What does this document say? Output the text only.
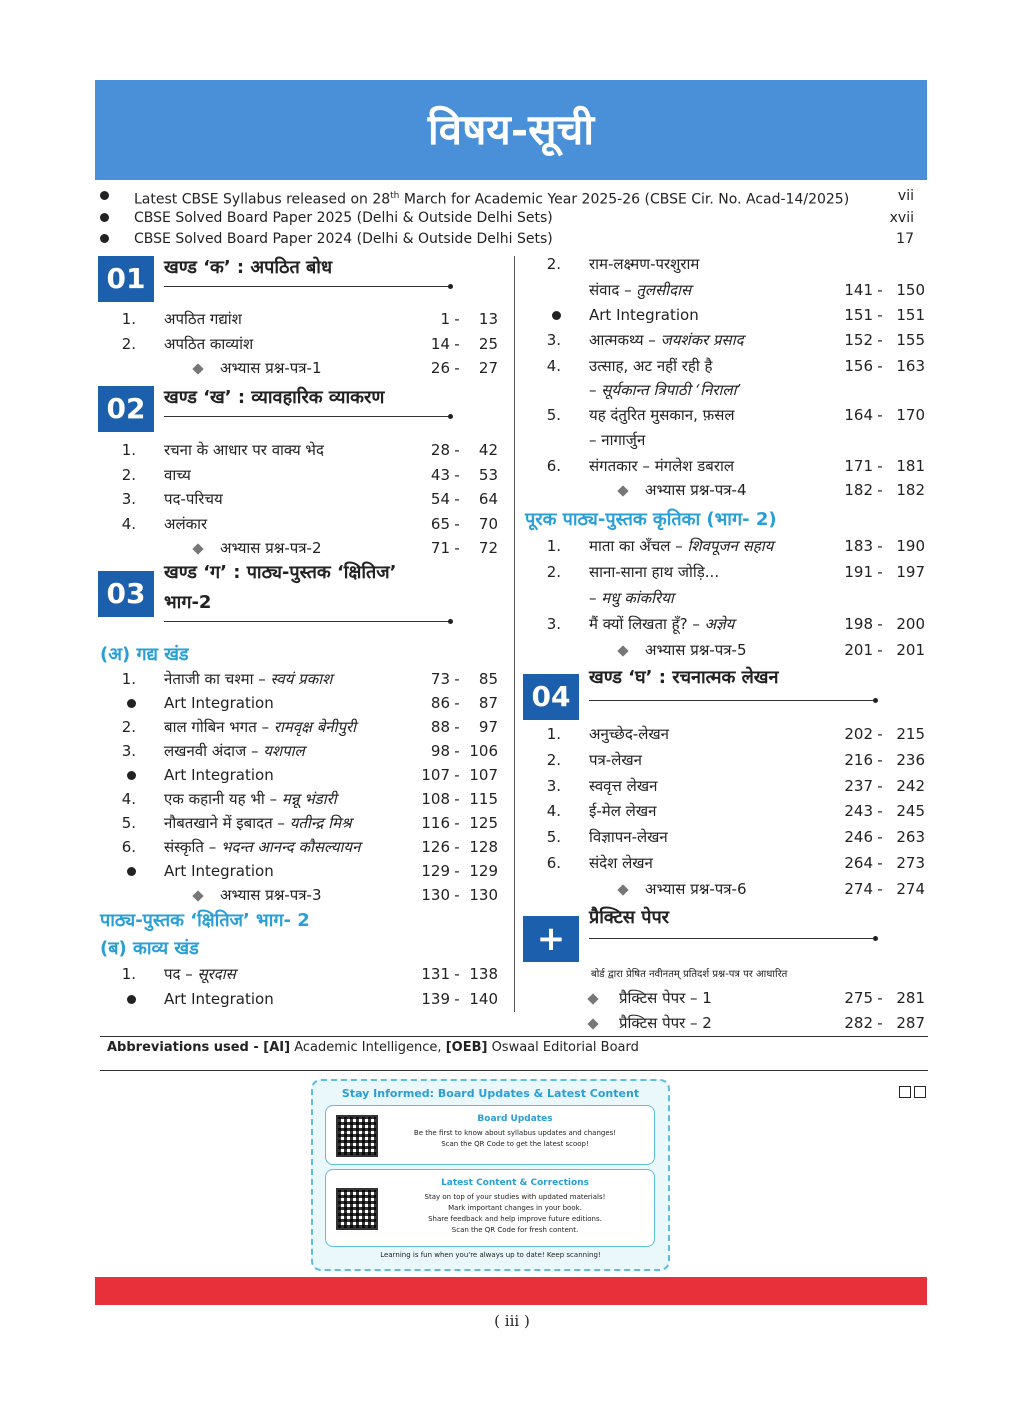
विषय-सूची
Latest CBSE Syllabus released on 28th March for Academic Year 2025-26 (CBSE Cir. No. Acad-14/2025)	vii
CBSE Solved Board Paper 2025 (Delhi & Outside Delhi Sets)	xvii
CBSE Solved Board Paper 2024 (Delhi & Outside Delhi Sets)	17
01	खण्ड ‘क’ : अपठित बोध
1. अपठित गद्यांश	1 -	13
2. अपठित काव्यांश	14 -	25
अभ्यास प्रश्न-पत्र-1	26 -	27
02	खण्ड ‘ख’ : व्यावहारिक व्याकरण
1. रचना के आधार पर वाक्य भेद	28 -	42
2. वाच्य	43 -	53
3. पद-परिचय	54 -	64
4. अलंकार	65 -	70
अभ्यास प्रश्न-पत्र-2	71 -	72
03
खण्ड ‘ग’ : पाठ्य-पुस्तक ‘क्षितिज’
भाग-2
(अ) गद्य खंड
1. नेताजी का चश्मा – स्वयं प्रकाश	73 -	85
Art Integration	86 -	87
2. बाल गोबिन भगत – रामवृक्ष बेनीपुरी	88 -	97
3. लखनवी अंदाज – यशपाल	98 - 106
Art Integration	107 - 107
4. एक कहानी यह भी – मन्नू भंडारी	108 - 115
5. नौबतखाने में इबादत – यतीन्द्र मिश्र	116 - 125
6. संस्कृति – भदन्त आनन्द कौसल्यायन	126 - 128
Art Integration	129 - 129
अभ्यास प्रश्न-पत्र-3	130 - 130
पाठ्य-पुस्तक ‘क्षितिज’ भाग- 2
(ब) काव्य खंड
1. पद – सूरदास	131 - 138
Art Integration	139 - 140
2. राम-लक्ष्मण-परशुराम
संवाद – तुलसीदास	141 - 150
Art Integration	151 - 151
3. आत्मकथ्य – जयशंकर प्रसाद	152 - 155
4. उत्साह, अट नहीं रही है	156 - 163
– सूर्यकान्त त्रिपाठी ‘निराला’
5. यह दंतुरित मुसकान, फ़सल	164 - 170
– नागार्जुन
6. संगतकार – मंगलेश डबराल	171 - 181
अभ्यास प्रश्न-पत्र-4	182 - 182
पूरक पाठ्य-पुस्तक कृतिका (भाग- 2)
1. माता का अँचल – शिवपूजन सहाय	183 - 190
2. साना-साना हाथ जोड़ि...	191 - 197
– मधु कांकरिया
3. मैं क्यों लिखता हूँ? – अज्ञेय	198 - 200
अभ्यास प्रश्न-पत्र-5	201 - 201
04
खण्ड ‘घ’ : रचनात्मक लेखन
1. अनुच्छेद-लेखन	202 - 215
2. पत्र-लेखन	216 - 236
3. स्ववृत्त लेखन	237 - 242
4. ई-मेल लेखन	243 - 245
5. विज्ञापन-लेखन	246 - 263
6. संदेश लेखन	264 - 273
अभ्यास प्रश्न-पत्र-6	274 - 274
+
प्रैक्टिस पेपर
बोर्ड द्वारा प्रेषित नवीनतम् प्रतिदर्श प्रश्न-पत्र पर आधारित
प्रैक्टिस पेपर – 1	275 - 281
प्रैक्टिस पेपर – 2	282 - 287
Abbreviations used - [AI] Academic Intelligence, [OEB] Oswaal Editorial Board
Stay Informed: Board Updates & Latest Content
Board Updates
Be the first to know about syllabus updates and changes!
Scan the QR Code to get the latest scoop!
Latest Content & Corrections
Stay on top of your studies with updated materials!
Mark important changes in your book.
Share feedback and help improve future editions.
Scan the QR Code for fresh content.
Learning is fun when you're always up to date! Keep scanning!
( iii )
